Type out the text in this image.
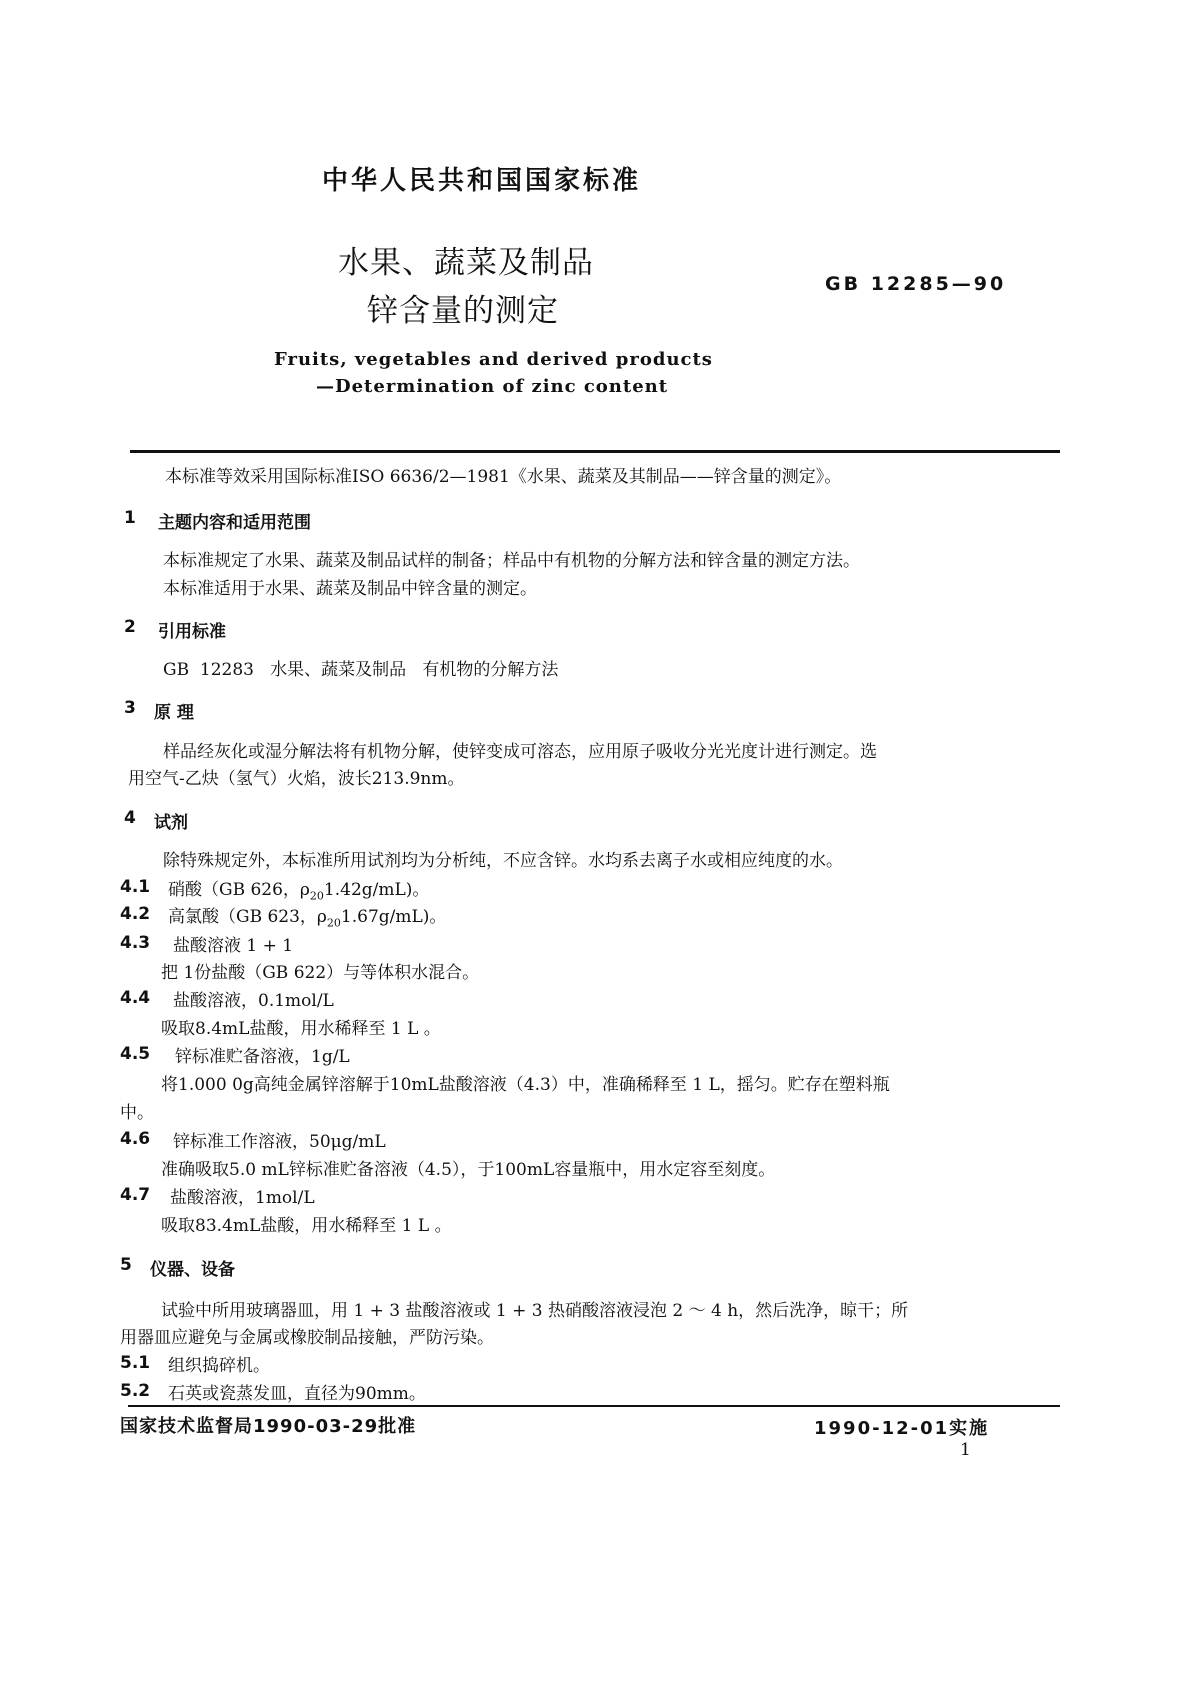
中华人民共和国国家标准
水果、蔬菜及制品
锌含量的测定
GB 12285—90
Fruits, vegetables and derived products
—Determination of zinc content
本标准等效采用国际标准ISO 6636/2—1981《水果、蔬菜及其制品——锌含量的测定》。
1 主题内容和适用范围
本标准规定了水果、蔬菜及制品试样的制备；样品中有机物的分解方法和锌含量的测定方法。
本标准适用于水果、蔬菜及制品中锌含量的测定。
2 引用标准
GB  12283   水果、蔬菜及制品   有机物的分解方法
3 原 理
样品经灰化或湿分解法将有机物分解，使锌变成可溶态，应用原子吸收分光光度计进行测定。选
用空气-乙炔（氢气）火焰，波长213.9nm。
4 试剂
除特殊规定外，本标准所用试剂均为分析纯，不应含锌。水均系去离子水或相应纯度的水。
4.1 硝酸（GB 626，$\rho_{20}1.42g/mL$)。
4.2 高氯酸（GB 623，$\rho_{20}1.67g/mL$)。
4.3 盐酸溶液 1 + 1
把 1份盐酸（GB 622）与等体积水混合。
4.4 盐酸溶液，0.1mol/L
吸取8.4mL盐酸，用水稀释至 1 L 。
4.5 锌标准贮备溶液，1g/L
将1.000 0g高纯金属锌溶解于10mL盐酸溶液（4.3）中，准确稀释至 1 L，摇匀。贮存在塑料瓶
中。
4.6 锌标准工作溶液，50μg/mL
准确吸取5.0 mL锌标准贮备溶液（4.5），于100mL容量瓶中，用水定容至刻度。
4.7 盐酸溶液，1mol/L
吸取83.4mL盐酸，用水稀释至 1 L 。
5 仪器、设备
试验中所用玻璃器皿，用 1 + 3 盐酸溶液或 1 + 3 热硝酸溶液浸泡 2 ～ 4 h，然后洗净，晾干；所
用器皿应避免与金属或橡胶制品接触，严防污染。
5.1 组织捣碎机。
5.2 石英或瓷蒸发皿，直径为90mm。
国家技术监督局1990-03-29批准	1990-12-01实施
1
